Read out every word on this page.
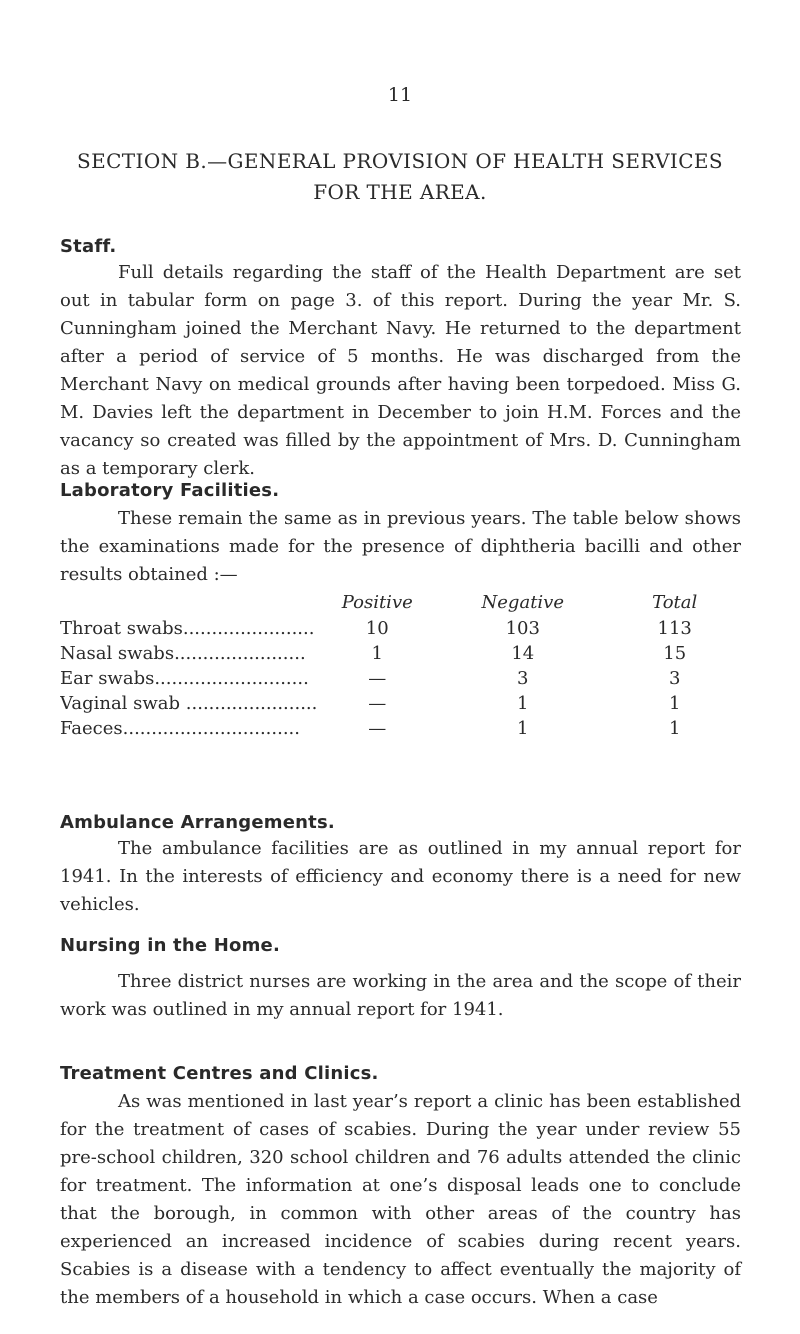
11
SECTION B.—GENERAL PROVISION OF HEALTH SERVICES
FOR THE AREA.
Staff.

Full details regarding the staff of the Health Department are set out in tabular form on page 3. of this report. During the year Mr. S. Cunningham joined the Merchant Navy. He returned to the department after a period of service of 5 months. He was discharged from the Merchant Navy on medical grounds after having been torpedoed. Miss G. M. Davies left the department in December to join H.M. Forces and the vacancy so created was filled by the appointment of Mrs. D. Cunningham as a temporary clerk.

Laboratory Facilities.

These remain the same as in previous years. The table below shows the examinations made for the presence of diphtheria bacilli and other results obtained :—

	Positive	Negative	Total
Throat swabs.......................	10	103	113
Nasal swabs.......................	1	14	15
Ear swabs...........................	—	3	3
Vaginal swab .......................	—	1	1
Faeces...............................	—	1	1
Ambulance Arrangements.

The ambulance facilities are as outlined in my annual report for 1941. In the interests of efficiency and economy there is a need for new vehicles.

Nursing in the Home.

Three district nurses are working in the area and the scope of their work was outlined in my annual report for 1941.

Treatment Centres and Clinics.

As was mentioned in last year’s report a clinic has been established for the treatment of cases of scabies. During the year under review 55 pre-school children, 320 school children and 76 adults attended the clinic for treatment. The information at one’s disposal leads one to conclude that the borough, in common with other areas of the country has experienced an increased incidence of scabies during recent years. Scabies is a disease with a tendency to affect eventually the majority of the members of a household in which a case occurs. When a case
